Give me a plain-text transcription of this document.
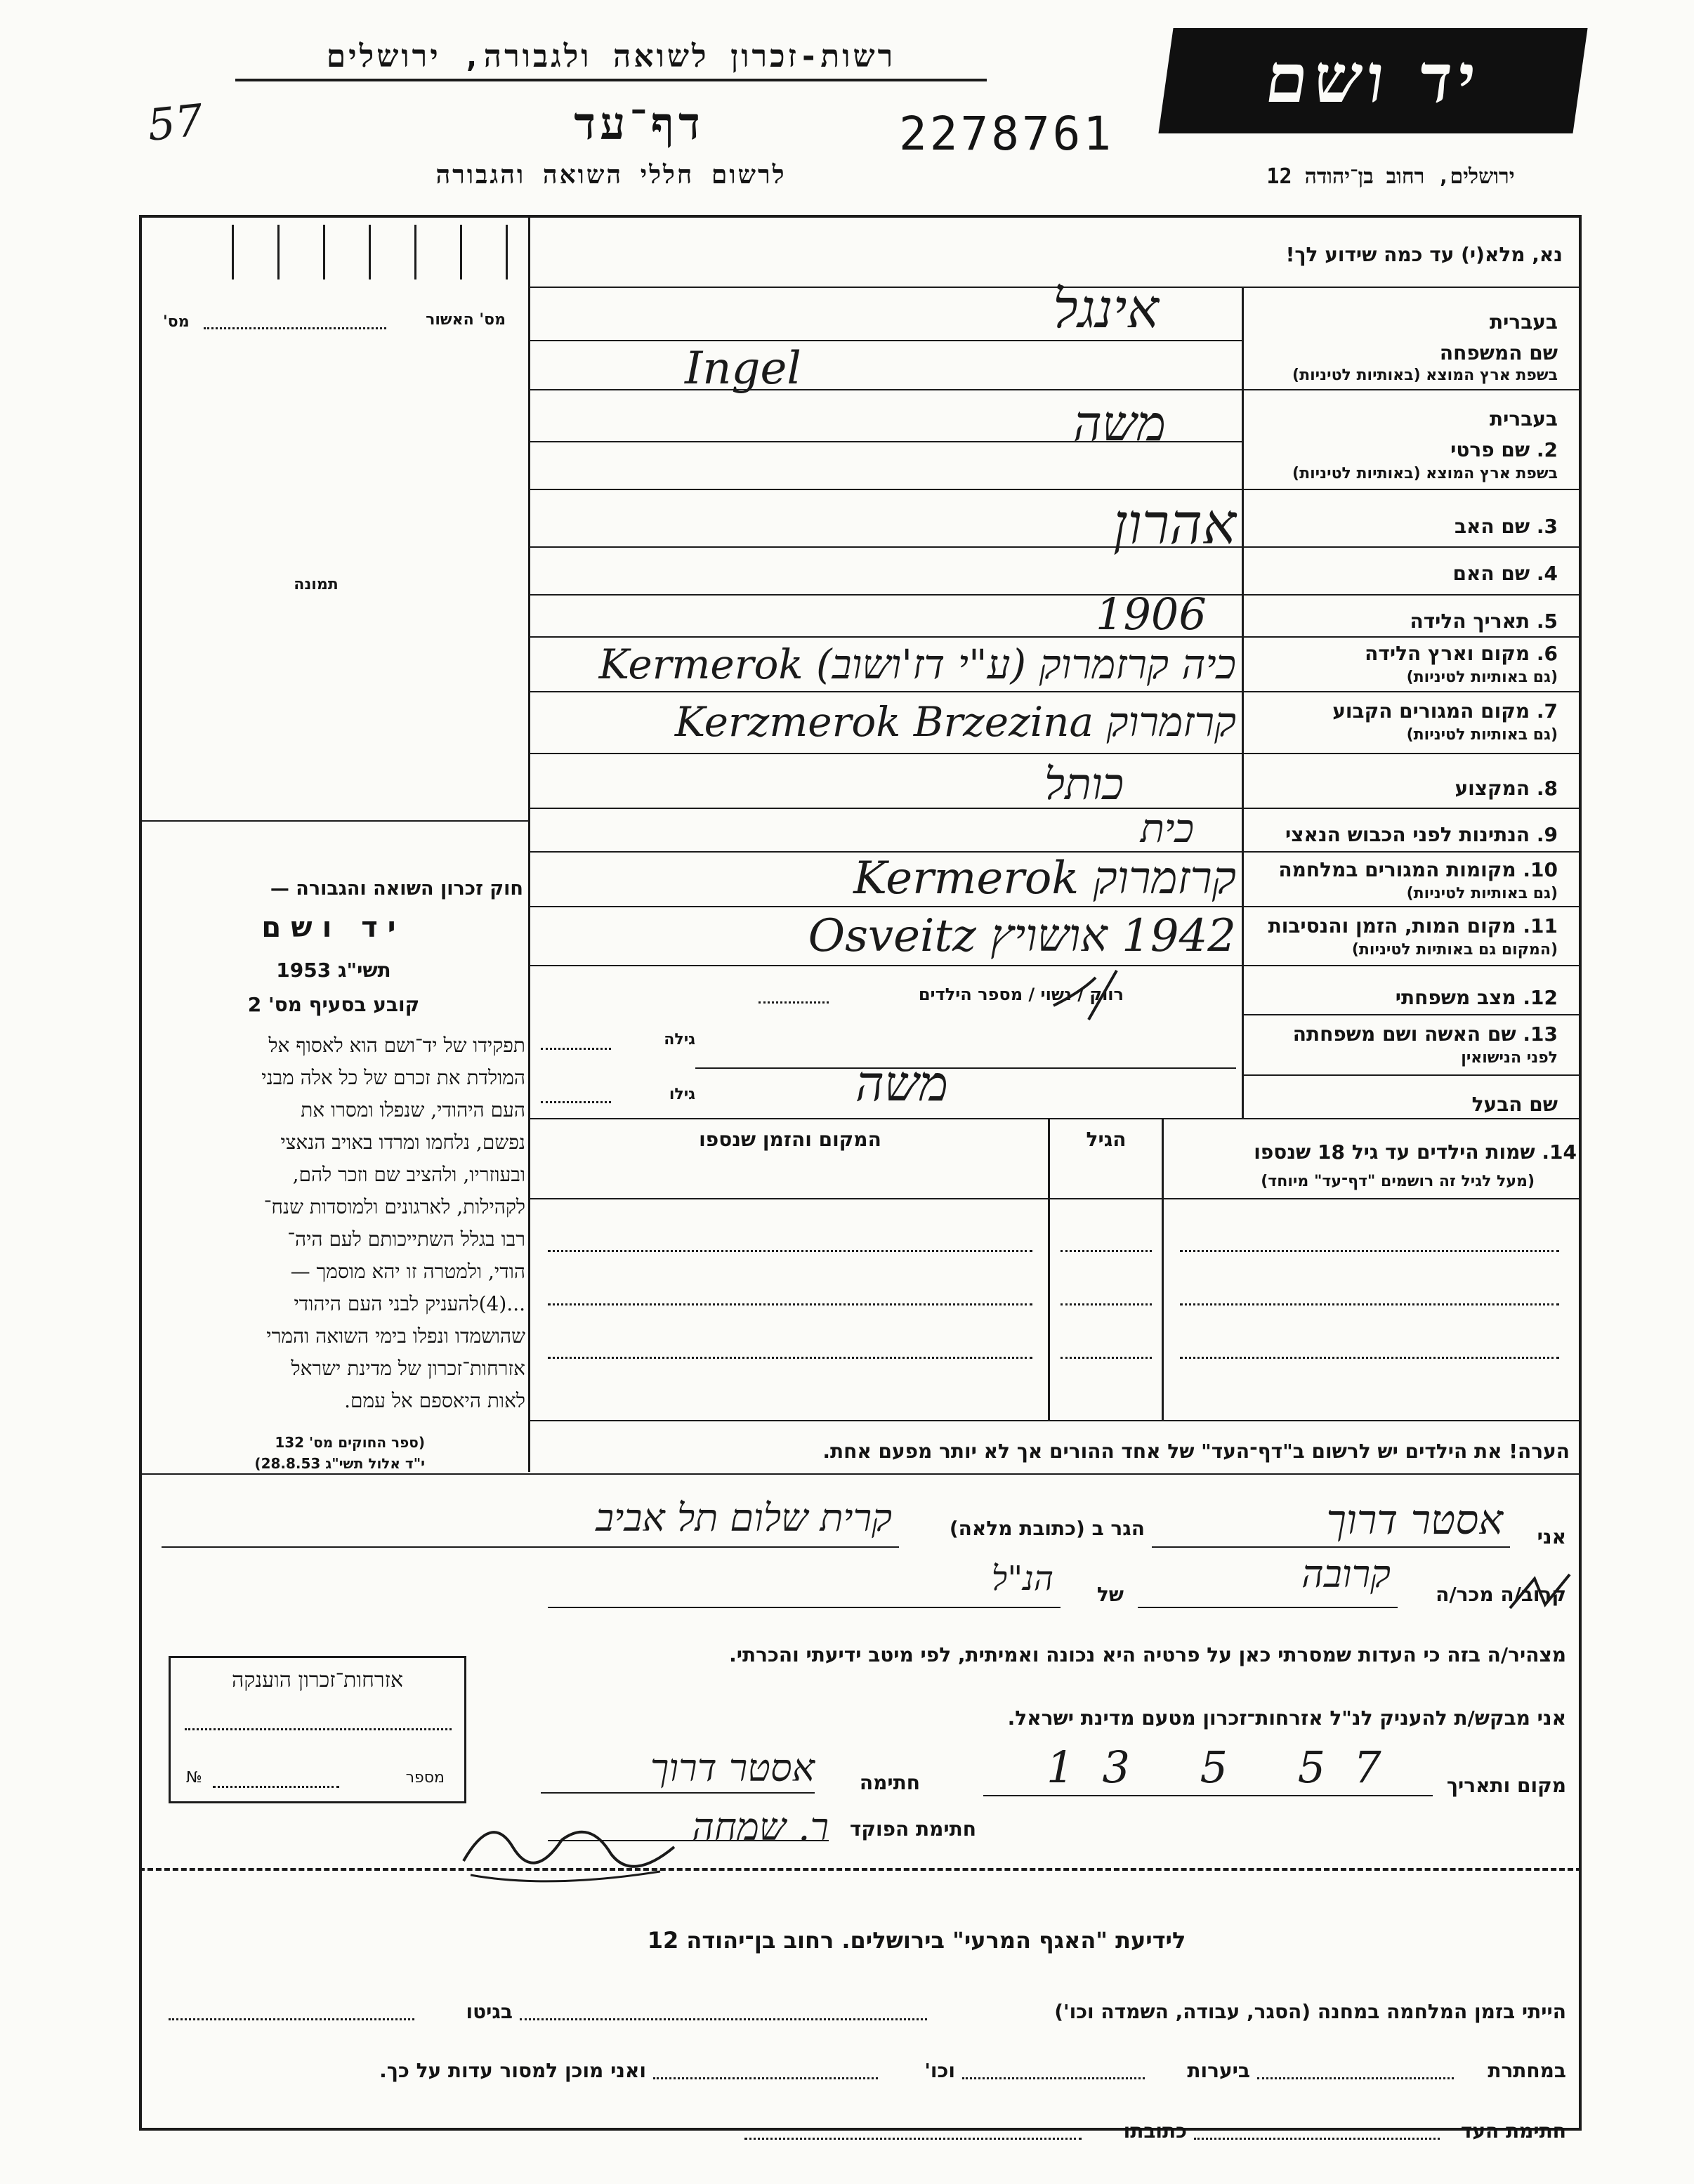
רשות-זכרון לשואה ולגבורה, ירושלים
דף־עד
לרשום חללי השואה והגבורה
2278761
57
יד ושם
ירושלים, רחוב בן־יהודה 12
נא, מלא(י) עד כמה שידוע לך!
מס' האשור
מס'
תמונה
חוק זכרון השואה והגבורה —
יד ושם
תשי"ג 1953
קובע בסעיף מס' 2

תפקידו של יד־ושם הוא לאסוף אל

המולדת את זכרם של כל אלה מבני

העם היהודי, שנפלו ומסרו את

נפשם, נלחמו ומרדו באויב הנאצי

ובעוזריו, ולהציב שם וזכר להם,

לקהילות, לארגונים ולמוסדות שנח־

רבו בגלל השתייכותם לעם היה־

הודי, ולמטרה זו יהא מוסמך —

...(4)להעניק לבני העם היהודי

שהושמדו ונפלו בימי השואה והמרי

אזרחות־זכרון של מדינת ישראל

לאות היאספם אל עמם.

(ספר החוקים מס' 132
י"ד אלול תשי"ג 28.8.53)
בעברית
שם המשפחה
בשפת ארץ המוצא (באותיות לטיניות)
בעברית
2. שם פרטי
בשפת ארץ המוצא (באותיות לטיניות)
3. שם האב
4. שם האם
5. תאריך הלידה
6. מקום וארץ הלידה
(גם באותיות לטיניות)
7. מקום המגורים הקבוע
(גם באותיות לטיניות)
8. המקצוע
9. הנתינות לפני הכבוש הנאצי
10. מקומות המגורים במלחמה
(גם באותיות לטיניות)
11. מקום המות, הזמן והנסיבות
(המקום גם באותיות לטיניות)
12. מצב משפחתי
13. שם האשה ושם משפחתה
לפני הנישואין
שם הבעל
אינגל
Ingel
משה
אהרון
1906
כיה קרזמרוק (ע"י דז'ושוב) Kermerok
קרזמרוק Kerzmerok Brzezina
כותל
כית
קרזמרוק Kermerok
1942 אושויץ Osveitz
רווק / נשוי / מספר הילדים
גילה
גילו	משה
14. שמות הילדים עד גיל 18 שנספו
(מעל לגיל זה רושמים "דף־עד" מיוחד)
הגיל
המקום והזמן שנספו
הערה! את הילדים יש לרשום ב"דף־העד" של אחד ההורים אך לא יותר מפעם אחת.
אני
אסטר דרוך
הגר ב (כתובת מלאה)
קרית שלום תל אביב
קרוב/ה מכר/ה
של
הנ"ל	קרובה
מצהיר/ה בזה כי העדות שמסרתי כאן על פרטיה היא נכונה ואמיתית, לפי מיטב ידיעתי והכרתי.
אני מבקש/ת להעניק לנ"ל אזרחות־זכרון מטעם מדינת ישראל.
מקום ותאריך
13 5 57
חתימה
אסטר דרוך
חתימת הפוקד
ר. שמחה
אזרחות־זכרון הוענקה
מספר
№
לידיעת "האגף המרעי" בירושלים. רחוב בן־יהודה 12
הייתי בזמן המלחמה במחנה (הסגר, עבודה, השמדה וכו')
בגיטו
במחתרת
ביערות
וכו'
ואני מוכן למסור עדות על כך.
חתימת העד
כתובתו
